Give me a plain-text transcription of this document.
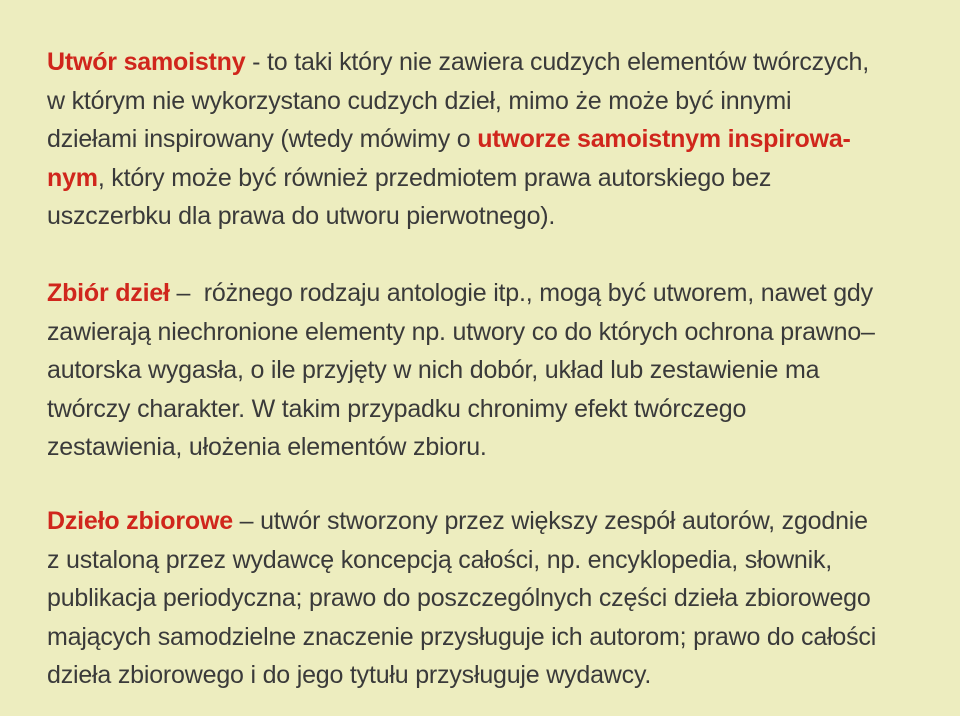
Utwór samoistny - to taki który nie zawiera cudzych elementów twórczych,
w którym nie wykorzystano cudzych dzieł, mimo że może być innymi
dziełami inspirowany (wtedy mówimy o utworze samoistnym inspirowa-
nym, który może być również przedmiotem prawa autorskiego bez
uszczerbku dla prawa do utworu pierwotnego).

Zbiór dzieł –  różnego rodzaju antologie itp., mogą być utworem, nawet gdy
zawierają niechronione elementy np. utwory co do których ochrona prawno–
autorska wygasła, o ile przyjęty w nich dobór, układ lub zestawienie ma
twórczy charakter. W takim przypadku chronimy efekt twórczego
zestawienia, ułożenia elementów zbioru.

Dzieło zbiorowe – utwór stworzony przez większy zespół autorów, zgodnie
z ustaloną przez wydawcę koncepcją całości, np. encyklopedia, słownik,
publikacja periodyczna; prawo do poszczególnych części dzieła zbiorowego
mających samodzielne znaczenie przysługuje ich autorom; prawo do całości
dzieła zbiorowego i do jego tytułu przysługuje wydawcy.
